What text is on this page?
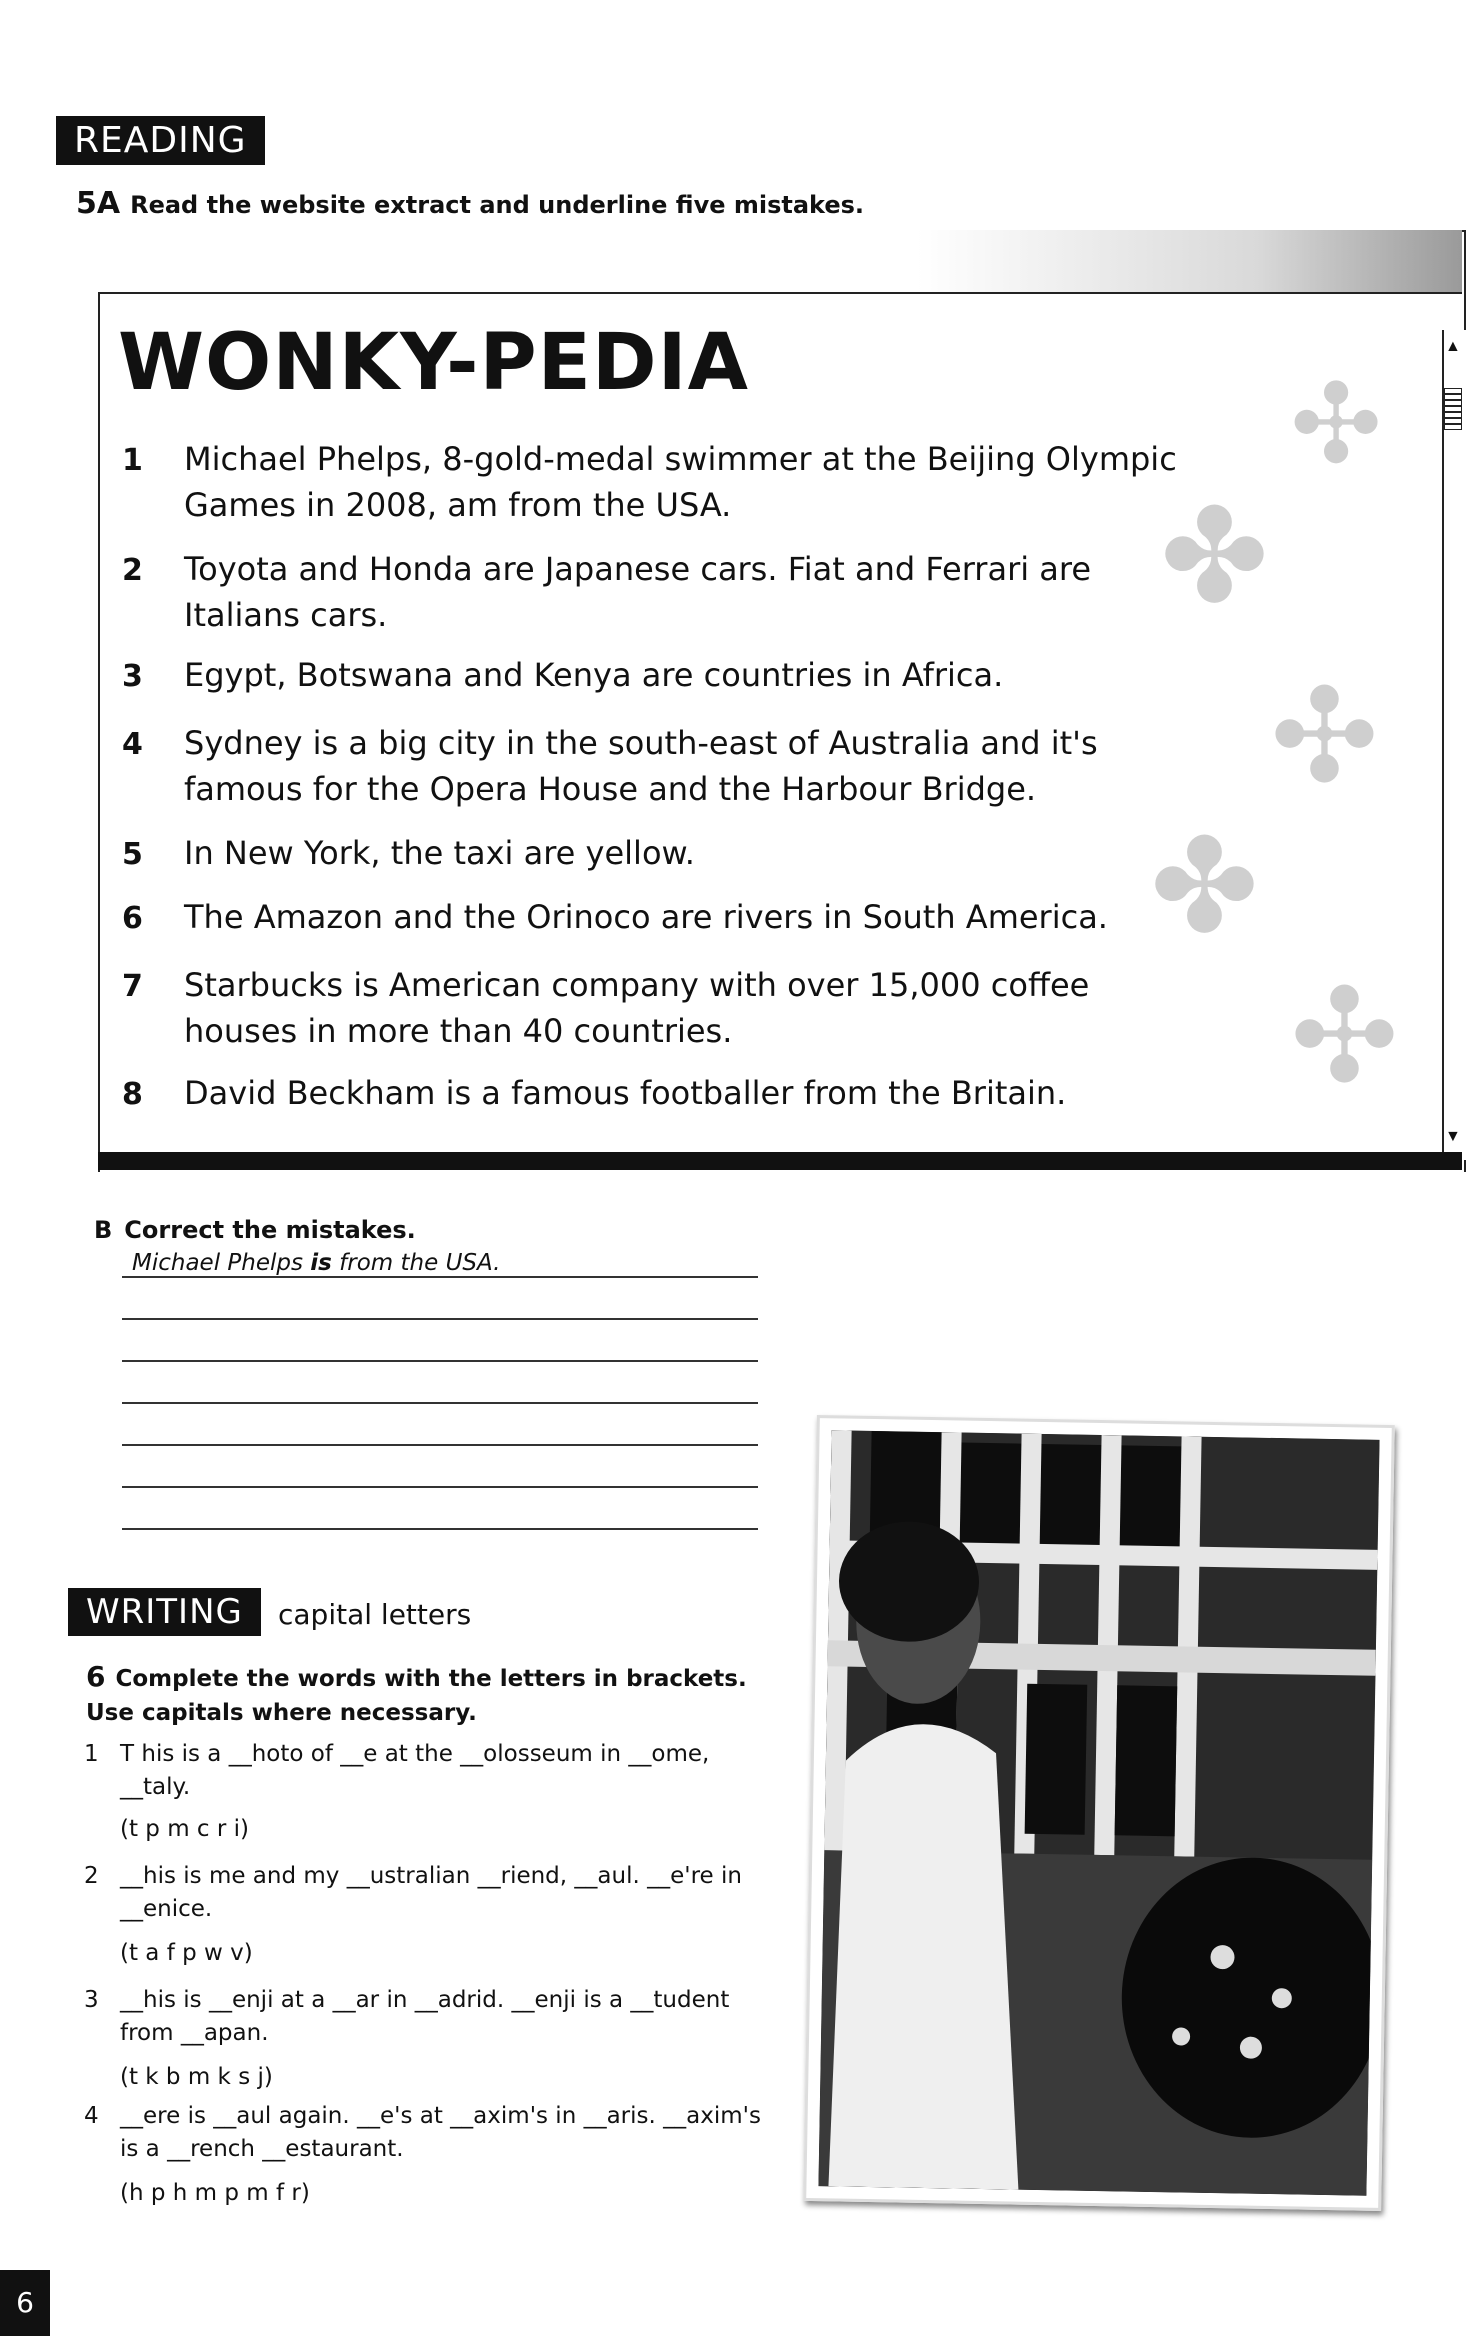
READING
5A Read the website extract and underline five mistakes.
▲
▼
WONKY-PEDIA	✣
✤
✣
✤
✣
1 Michael Phelps, 8-gold-medal swimmer at the Beijing Olympic Games in 2008, am from the USA.
2 Toyota and Honda are Japanese cars. Fiat and Ferrari are Italians cars.
3 Egypt, Botswana and Kenya are countries in Africa.
4 Sydney is a big city in the south-east of Australia and it's famous for the Opera House and the Harbour Bridge.
5 In New York, the taxi are yellow.
6 The Amazon and the Orinoco are rivers in South America.
7 Starbucks is American company with over 15,000 coffee houses in more than 40 countries.
8 David Beckham is a famous footballer from the Britain.
B Correct the mistakes.
Michael Phelps is from the USA.
WRITING	capital letters
6 Complete the words with the letters in brackets.
Use capitals where necessary.
1 T his is a __hoto of __e at the __olosseum in __ome,
__taly.
(t p m c r i)
2 __his is me and my __ustralian __riend, __aul. __e're in
__enice.
(t a f p w v)
3 __his is __enji at a __ar in __adrid. __enji is a __tudent
from __apan.
(t k b m k s j)
4 __ere is __aul again. __e's at __axim's in __aris. __axim's
is a __rench __estaurant.
(h p h m p m f r)
6
